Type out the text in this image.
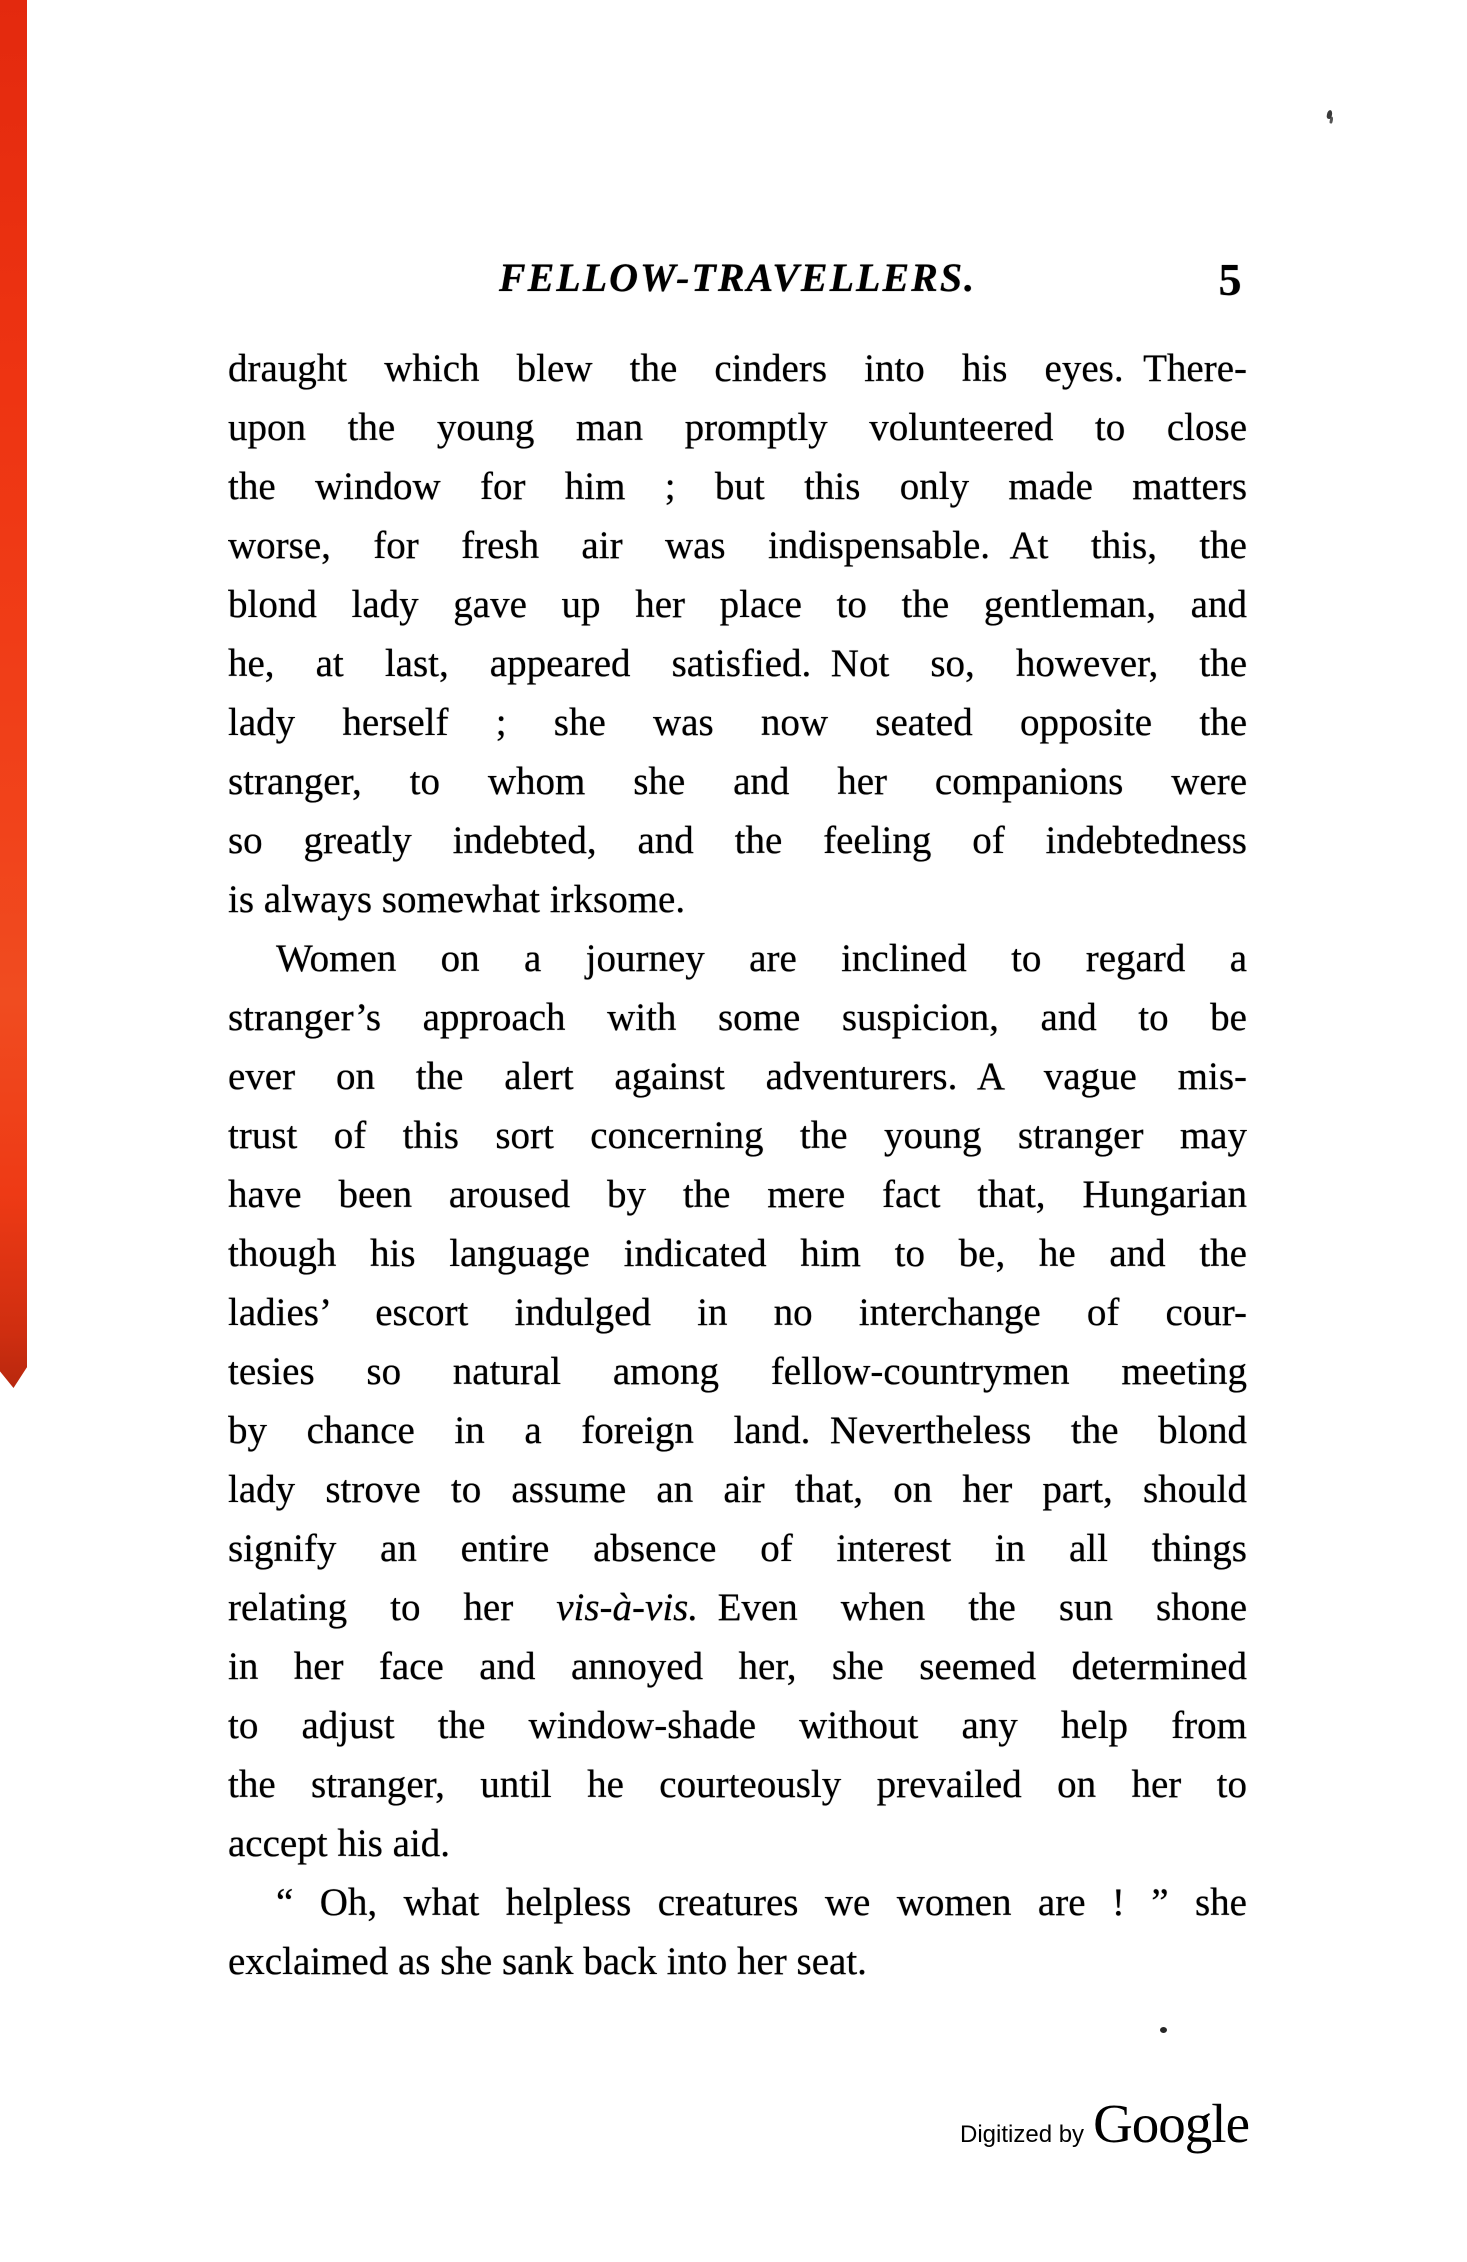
FELLOW-TRAVELLERS.	5
draught which blew the cinders into his eyes. There-
upon the young man promptly volunteered to close
the window for him ; but this only made matters
worse, for fresh air was indispensable. At this, the
blond lady gave up her place to the gentleman, and
he, at last, appeared satisfied. Not so, however, the
lady herself ; she was now seated opposite the
stranger, to whom she and her companions were
so greatly indebted, and the feeling of indebtedness
is always somewhat irksome.
Women on a journey are inclined to regard a
stranger’s approach with some suspicion, and to be
ever on the alert against adventurers. A vague mis-
trust of this sort concerning the young stranger may
have been aroused by the mere fact that, Hungarian
though his language indicated him to be, he and the
ladies’ escort indulged in no interchange of cour-
tesies so natural among fellow-countrymen meeting
by chance in a foreign land. Nevertheless the blond
lady strove to assume an air that, on her part, should
signify an entire absence of interest in all things
relating to her vis-à-vis. Even when the sun shone
in her face and annoyed her, she seemed determined
to adjust the window-shade without any help from
the stranger, until he courteously prevailed on her to
accept his aid.
“ Oh, what helpless creatures we women are ! ” she
exclaimed as she sank back into her seat.
Digitized by Google
